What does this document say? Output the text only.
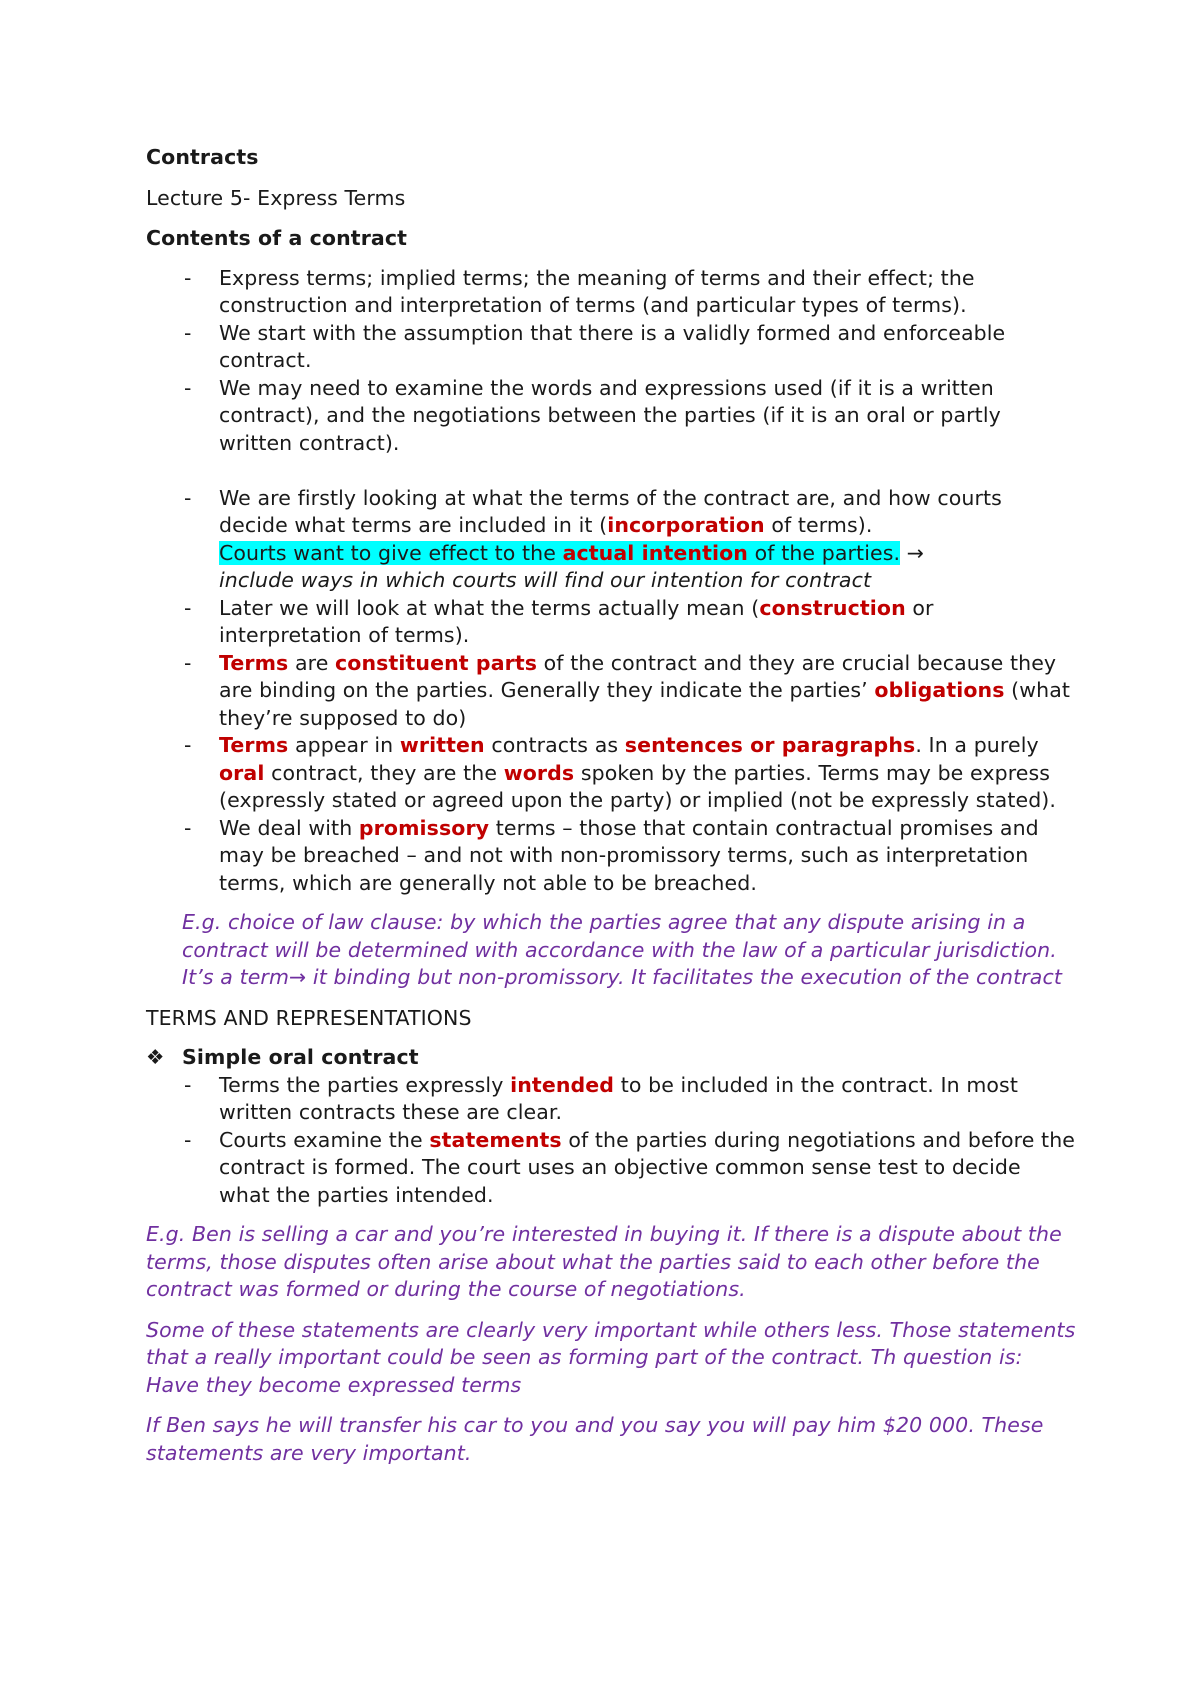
Contracts
Lecture 5- Express Terms
Contents of a contract
- Express terms; implied terms; the meaning of terms and their effect; the construction and interpretation of terms (and particular types of terms).
- We start with the assumption that there is a validly formed and enforceable contract.
- We may need to examine the words and expressions used (if it is a written contract), and the negotiations between the parties (if it is an oral or partly written contract).
- We are firstly looking at what the terms of the contract are, and how courts decide what terms are included in it (incorporation of terms).
Courts want to give effect to the actual intention of the parties. →
include ways in which courts will find our intention for contract
- Later we will look at what the terms actually mean (construction or interpretation of terms).
- Terms are constituent parts of the contract and they are crucial because they are binding on the parties. Generally they indicate the parties’ obligations (what they’re supposed to do)
- Terms appear in written contracts as sentences or paragraphs. In a purely oral contract, they are the words spoken by the parties. Terms may be express (expressly stated or agreed upon the party) or implied (not be expressly stated).
- We deal with promissory terms – those that contain contractual promises and may be breached – and not with non-promissory terms, such as interpretation terms, which are generally not able to be breached.
E.g. choice of law clause: by which the parties agree that any dispute arising in a contract will be determined with accordance with the law of a particular jurisdiction. It’s a term→ it binding but non-promissory. It facilitates the execution of the contract
TERMS AND REPRESENTATIONS
❖ Simple oral contract
- Terms the parties expressly intended to be included in the contract. In most written contracts these are clear.
- Courts examine the statements of the parties during negotiations and before the contract is formed. The court uses an objective common sense test to decide what the parties intended.
E.g. Ben is selling a car and you’re interested in buying it. If there is a dispute about the terms, those disputes often arise about what the parties said to each other before the contract was formed or during the course of negotiations.
Some of these statements are clearly very important while others less. Those statements that a really important could be seen as forming part of the contract. Th question is: Have they become expressed terms
If Ben says he will transfer his car to you and you say you will pay him $20 000. These statements are very important.
